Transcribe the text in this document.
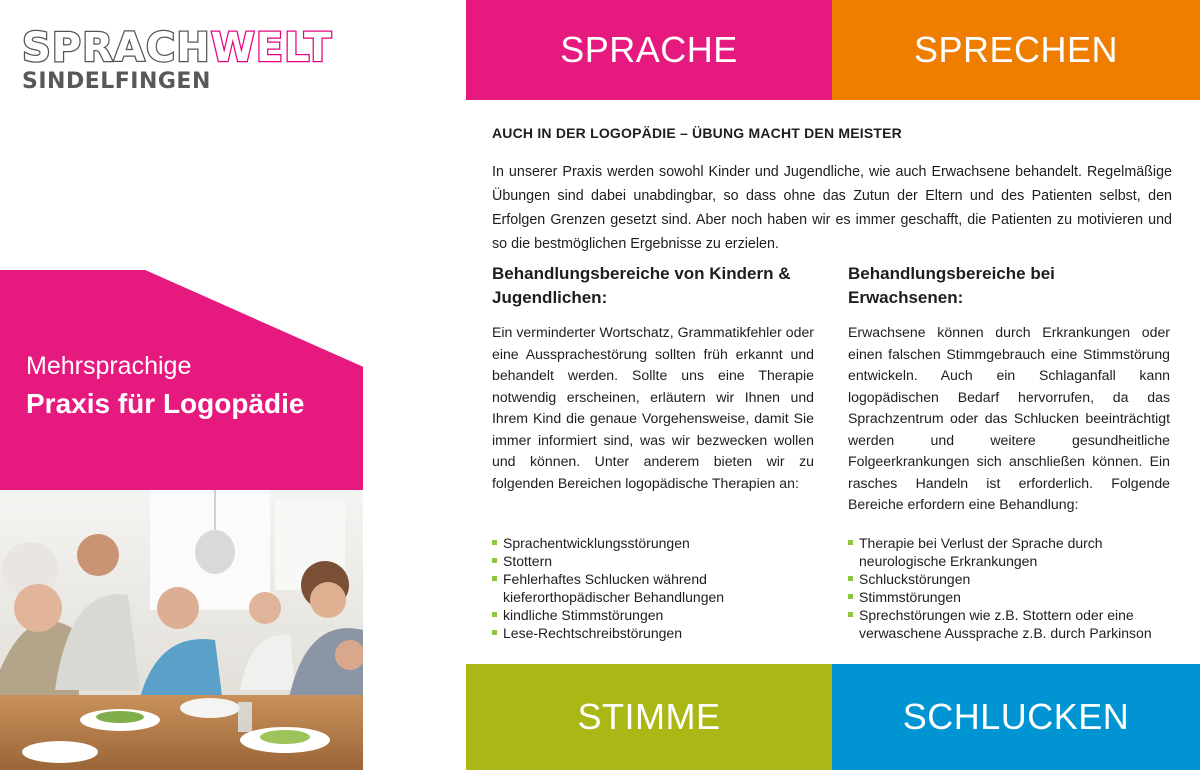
SPRACHWELT
SINDELFINGEN
Mehrsprachige
Praxis für Logopädie
SPRACHE	SPRECHEN
STIMME	SCHLUCKEN
AUCH IN DER LOGOPÄDIE – ÜBUNG MACHT DEN MEISTER
In unserer Praxis werden sowohl Kinder und Jugendliche, wie auch Erwachsene behandelt. Regelmäßige Übungen sind dabei unabdingbar, so dass ohne das Zutun der Eltern und des Patienten selbst, den Erfolgen Grenzen gesetzt sind. Aber noch haben wir es immer geschafft, die Patienten zu motivieren und so die bestmöglichen Ergebnisse zu erzielen.
Behandlungsbereiche von Kindern & Jugendlichen:
Ein verminderter Wortschatz, Grammatikfehler oder eine Aussprachestörung sollten früh erkannt und behandelt werden. Sollte uns eine Therapie notwendig erscheinen, erläutern wir Ihnen und Ihrem Kind die genaue Vorgehensweise, damit Sie immer informiert sind, was wir bezwecken wollen und können. Unter anderem bieten wir zu folgenden Bereichen logopädische Therapien an:
Sprachentwicklungsstörungen
Stottern
Fehlerhaftes Schlucken während kieferorthopädischer Behandlungen
kindliche Stimmstörungen
Lese-Rechtschreibstörungen
Behandlungsbereiche bei Erwachsenen:
Erwachsene können durch Erkrankungen oder einen falschen Stimmgebrauch eine Stimmstörung entwickeln. Auch ein Schlaganfall kann logopädischen Bedarf hervorrufen, da das Sprachzentrum oder das Schlucken beeinträchtigt werden und weitere gesundheitliche Folgeerkrankungen sich anschließen können. Ein rasches Handeln ist erforderlich. Folgende Bereiche erfordern eine Behandlung:
Therapie bei Verlust der Sprache durch neurologische Erkrankungen
Schluckstörungen
Stimmstörungen
Sprechstörungen wie z.B. Stottern oder eine verwaschene Aussprache z.B. durch Parkinson
